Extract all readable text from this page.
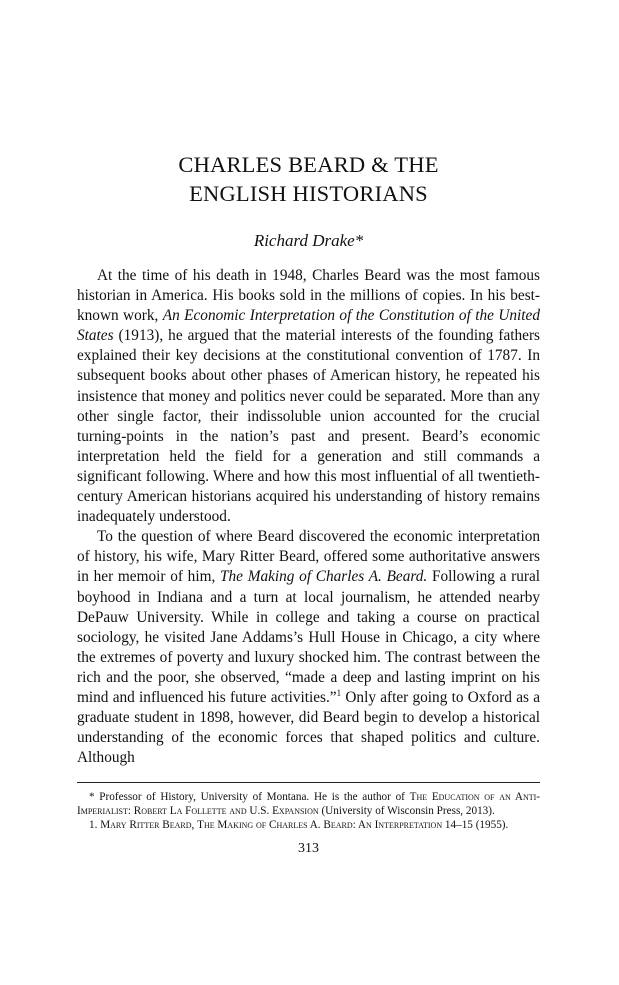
CHARLES BEARD & THE
ENGLISH HISTORIANS
Richard Drake*

At the time of his death in 1948, Charles Beard was the most famous historian in America. His books sold in the millions of copies. In his best-known work, An Economic Interpretation of the Constitution of the United States (1913), he argued that the material interests of the founding fathers explained their key decisions at the constitutional convention of 1787. In subsequent books about other phases of American history, he repeated his insistence that money and politics never could be separated. More than any other single factor, their indissoluble union accounted for the crucial turning-points in the nation’s past and present. Beard’s economic interpretation held the field for a generation and still commands a significant following. Where and how this most influential of all twentieth-century American historians acquired his understanding of history remains inadequately understood.

To the question of where Beard discovered the economic interpretation of history, his wife, Mary Ritter Beard, offered some authoritative answers in her memoir of him, The Making of Charles A. Beard. Following a rural boyhood in Indiana and a turn at local journalism, he attended nearby DePauw University. While in college and taking a course on practical sociology, he visited Jane Addams’s Hull House in Chicago, a city where the extremes of poverty and luxury shocked him. The contrast between the rich and the poor, she observed, “made a deep and lasting imprint on his mind and influenced his future activities.”$^1$ Only after going to Oxford as a graduate student in 1898, however, did Beard begin to develop a historical understanding of the economic forces that shaped politics and culture. Although

* Professor of History, University of Montana. He is the author of The Education of an Anti-Imperialist: Robert La Follette and U.S. Expansion (University of Wisconsin Press, 2013).

1. Mary Ritter Beard, The Making of Charles A. Beard: An Interpretation 14–15 (1955).

313
